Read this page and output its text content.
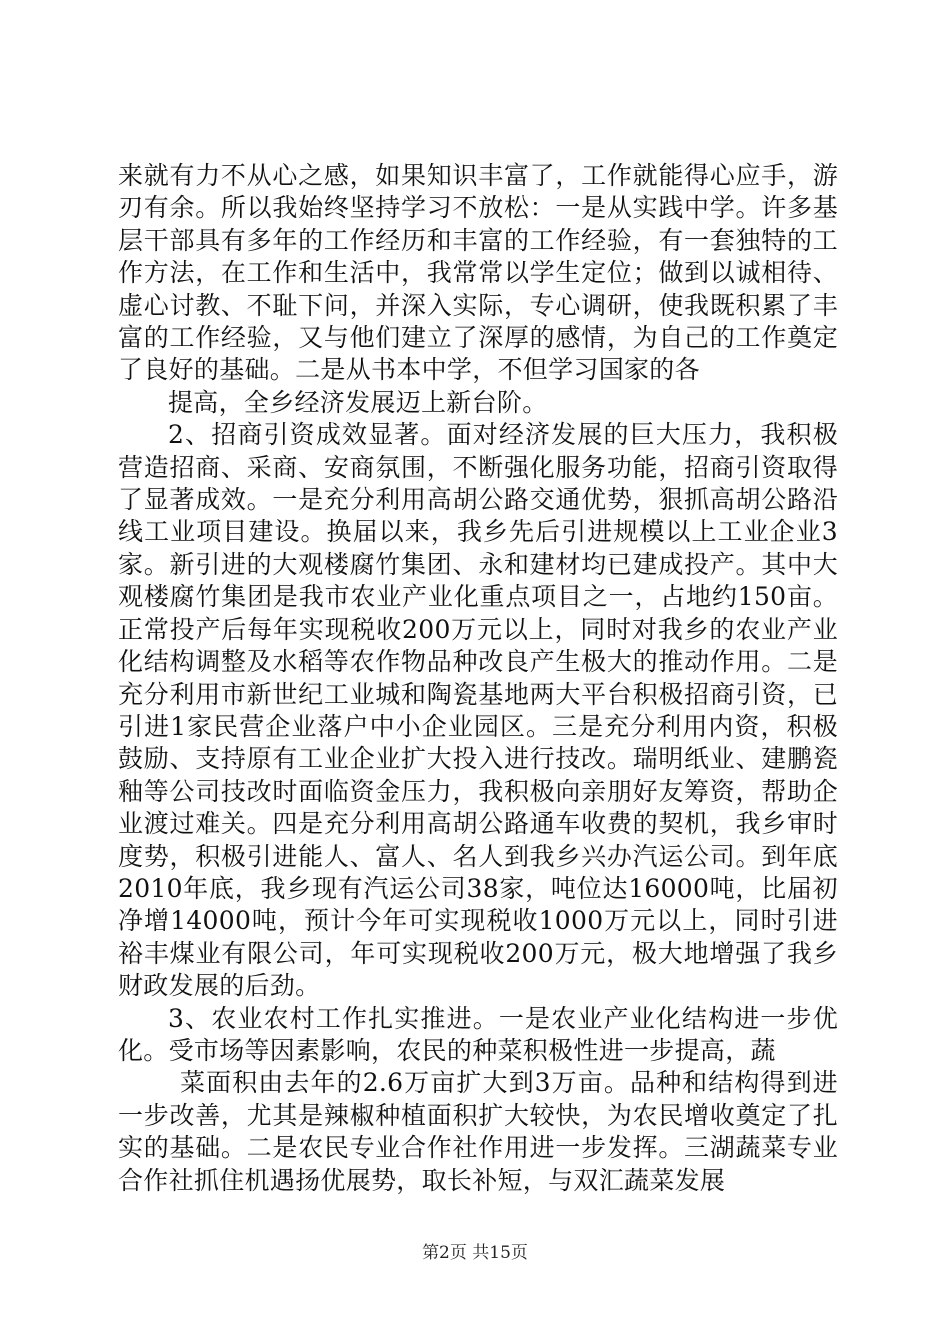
来就有力不从心之感，如果知识丰富了，工作就能得心应手，游刃有余。所以我始终坚持学习不放松：一是从实践中学。许多基层干部具有多年的工作经历和丰富的工作经验，有一套独特的工作方法，在工作和生活中，我常常以学生定位；做到以诚相待、虚心讨教、不耻下问，并深入实际，专心调研，使我既积累了丰富的工作经验，又与他们建立了深厚的感情，为自己的工作奠定了良好的基础。二是从书本中学，不但学习国家的各

提高，全乡经济发展迈上新台阶。

2、招商引资成效显著。面对经济发展的巨大压力，我积极营造招商、采商、安商氛围，不断强化服务功能，招商引资取得了显著成效。一是充分利用高胡公路交通优势，狠抓高胡公路沿线工业项目建设。换届以来，我乡先后引进规模以上工业企业3家。新引进的大观楼腐竹集团、永和建材均已建成投产。其中大观楼腐竹集团是我市农业产业化重点项目之一，占地约150亩。正常投产后每年实现税收200万元以上，同时对我乡的农业产业化结构调整及水稻等农作物品种改良产生极大的推动作用。二是充分利用市新世纪工业城和陶瓷基地两大平台积极招商引资，已引进1家民营企业落户中小企业园区。三是充分利用内资，积极鼓励、支持原有工业企业扩大投入进行技改。瑞明纸业、建鹏瓷釉等公司技改时面临资金压力，我积极向亲朋好友筹资，帮助企业渡过难关。四是充分利用高胡公路通车收费的契机，我乡审时度势，积极引进能人、富人、名人到我乡兴办汽运公司。到年底2010年底，我乡现有汽运公司38家，吨位达16000吨，比届初净增14000吨，预计今年可实现税收1000万元以上，同时引进裕丰煤业有限公司，年可实现税收200万元，极大地增强了我乡财政发展的后劲。

3、农业农村工作扎实推进。一是农业产业化结构进一步优化。受市场等因素影响，农民的种菜积极性进一步提高，蔬

菜面积由去年的2.6万亩扩大到3万亩。品种和结构得到进一步改善，尤其是辣椒种植面积扩大较快，为农民增收奠定了扎实的基础。二是农民专业合作社作用进一步发挥。三湖蔬菜专业合作社抓住机遇扬优展势，取长补短，与双汇蔬菜发展

第2页 共15页
